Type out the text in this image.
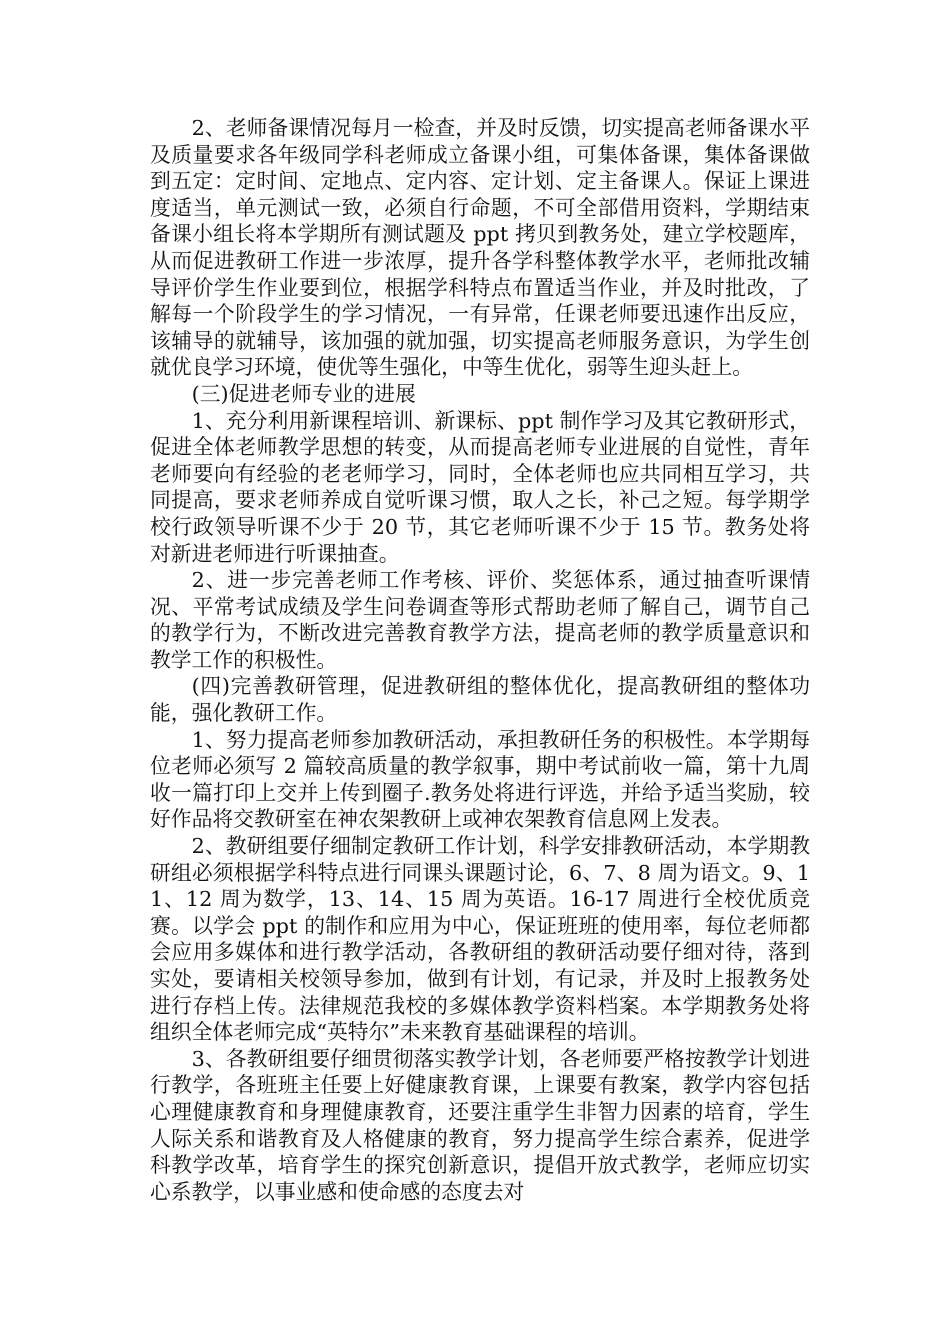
2、老师备课情况每月一检查，并及时反馈，切实提高老师备课水平及质量要求各年级同学科老师成立备课小组，可集体备课，集体备课做到五定：定时间、定地点、定内容、定计划、定主备课人。保证上课进度适当，单元测试一致，必须自行命题，不可全部借用资料，学期结束备课小组长将本学期所有测试题及 ppt 拷贝到教务处，建立学校题库，从而促进教研工作进一步浓厚，提升各学科整体教学水平，老师批改辅导评价学生作业要到位，根据学科特点布置适当作业，并及时批改，了解每一个阶段学生的学习情况，一有异常，任课老师要迅速作出反应，该辅导的就辅导，该加强的就加强，切实提高老师服务意识，为学生创就优良学习环境，使优等生强化，中等生优化，弱等生迎头赶上。

(三)促进老师专业的进展

1、充分利用新课程培训、新课标、ppt 制作学习及其它教研形式，促进全体老师教学思想的转变，从而提高老师专业进展的自觉性，青年老师要向有经验的老老师学习，同时，全体老师也应共同相互学习，共同提高，要求老师养成自觉听课习惯，取人之长，补己之短。每学期学校行政领导听课不少于 20 节，其它老师听课不少于 15 节。教务处将对新进老师进行听课抽查。

2、进一步完善老师工作考核、评价、奖惩体系，通过抽查听课情况、平常考试成绩及学生问卷调查等形式帮助老师了解自己，调节自己的教学行为，不断改进完善教育教学方法，提高老师的教学质量意识和教学工作的积极性。

(四)完善教研管理，促进教研组的整体优化，提高教研组的整体功能，强化教研工作。

1、努力提高老师参加教研活动，承担教研任务的积极性。本学期每位老师必须写 2 篇较高质量的教学叙事，期中考试前收一篇，第十九周收一篇打印上交并上传到圈子.教务处将进行评选，并给予适当奖励，较好作品将交教研室在神农架教研上或神农架教育信息网上发表。

2、教研组要仔细制定教研工作计划，科学安排教研活动，本学期教研组必须根据学科特点进行同课头课题讨论，6、7、8 周为语文。9、11、12 周为数学，13、14、15 周为英语。16-17 周进行全校优质竞赛。以学会 ppt 的制作和应用为中心，保证班班的使用率，每位老师都会应用多媒体和进行教学活动，各教研组的教研活动要仔细对待，落到实处，要请相关校领导参加，做到有计划，有记录，并及时上报教务处进行存档上传。法律规范我校的多媒体教学资料档案。本学期教务处将组织全体老师完成“英特尔”未来教育基础课程的培训。

3、各教研组要仔细贯彻落实教学计划，各老师要严格按教学计划进行教学，各班班主任要上好健康教育课，上课要有教案，教学内容包括心理健康教育和身理健康教育，还要注重学生非智力因素的培育，学生人际关系和谐教育及人格健康的教育，努力提高学生综合素养，促进学科教学改革，培育学生的探究创新意识，提倡开放式教学，老师应切实心系教学，以事业感和使命感的态度去对
